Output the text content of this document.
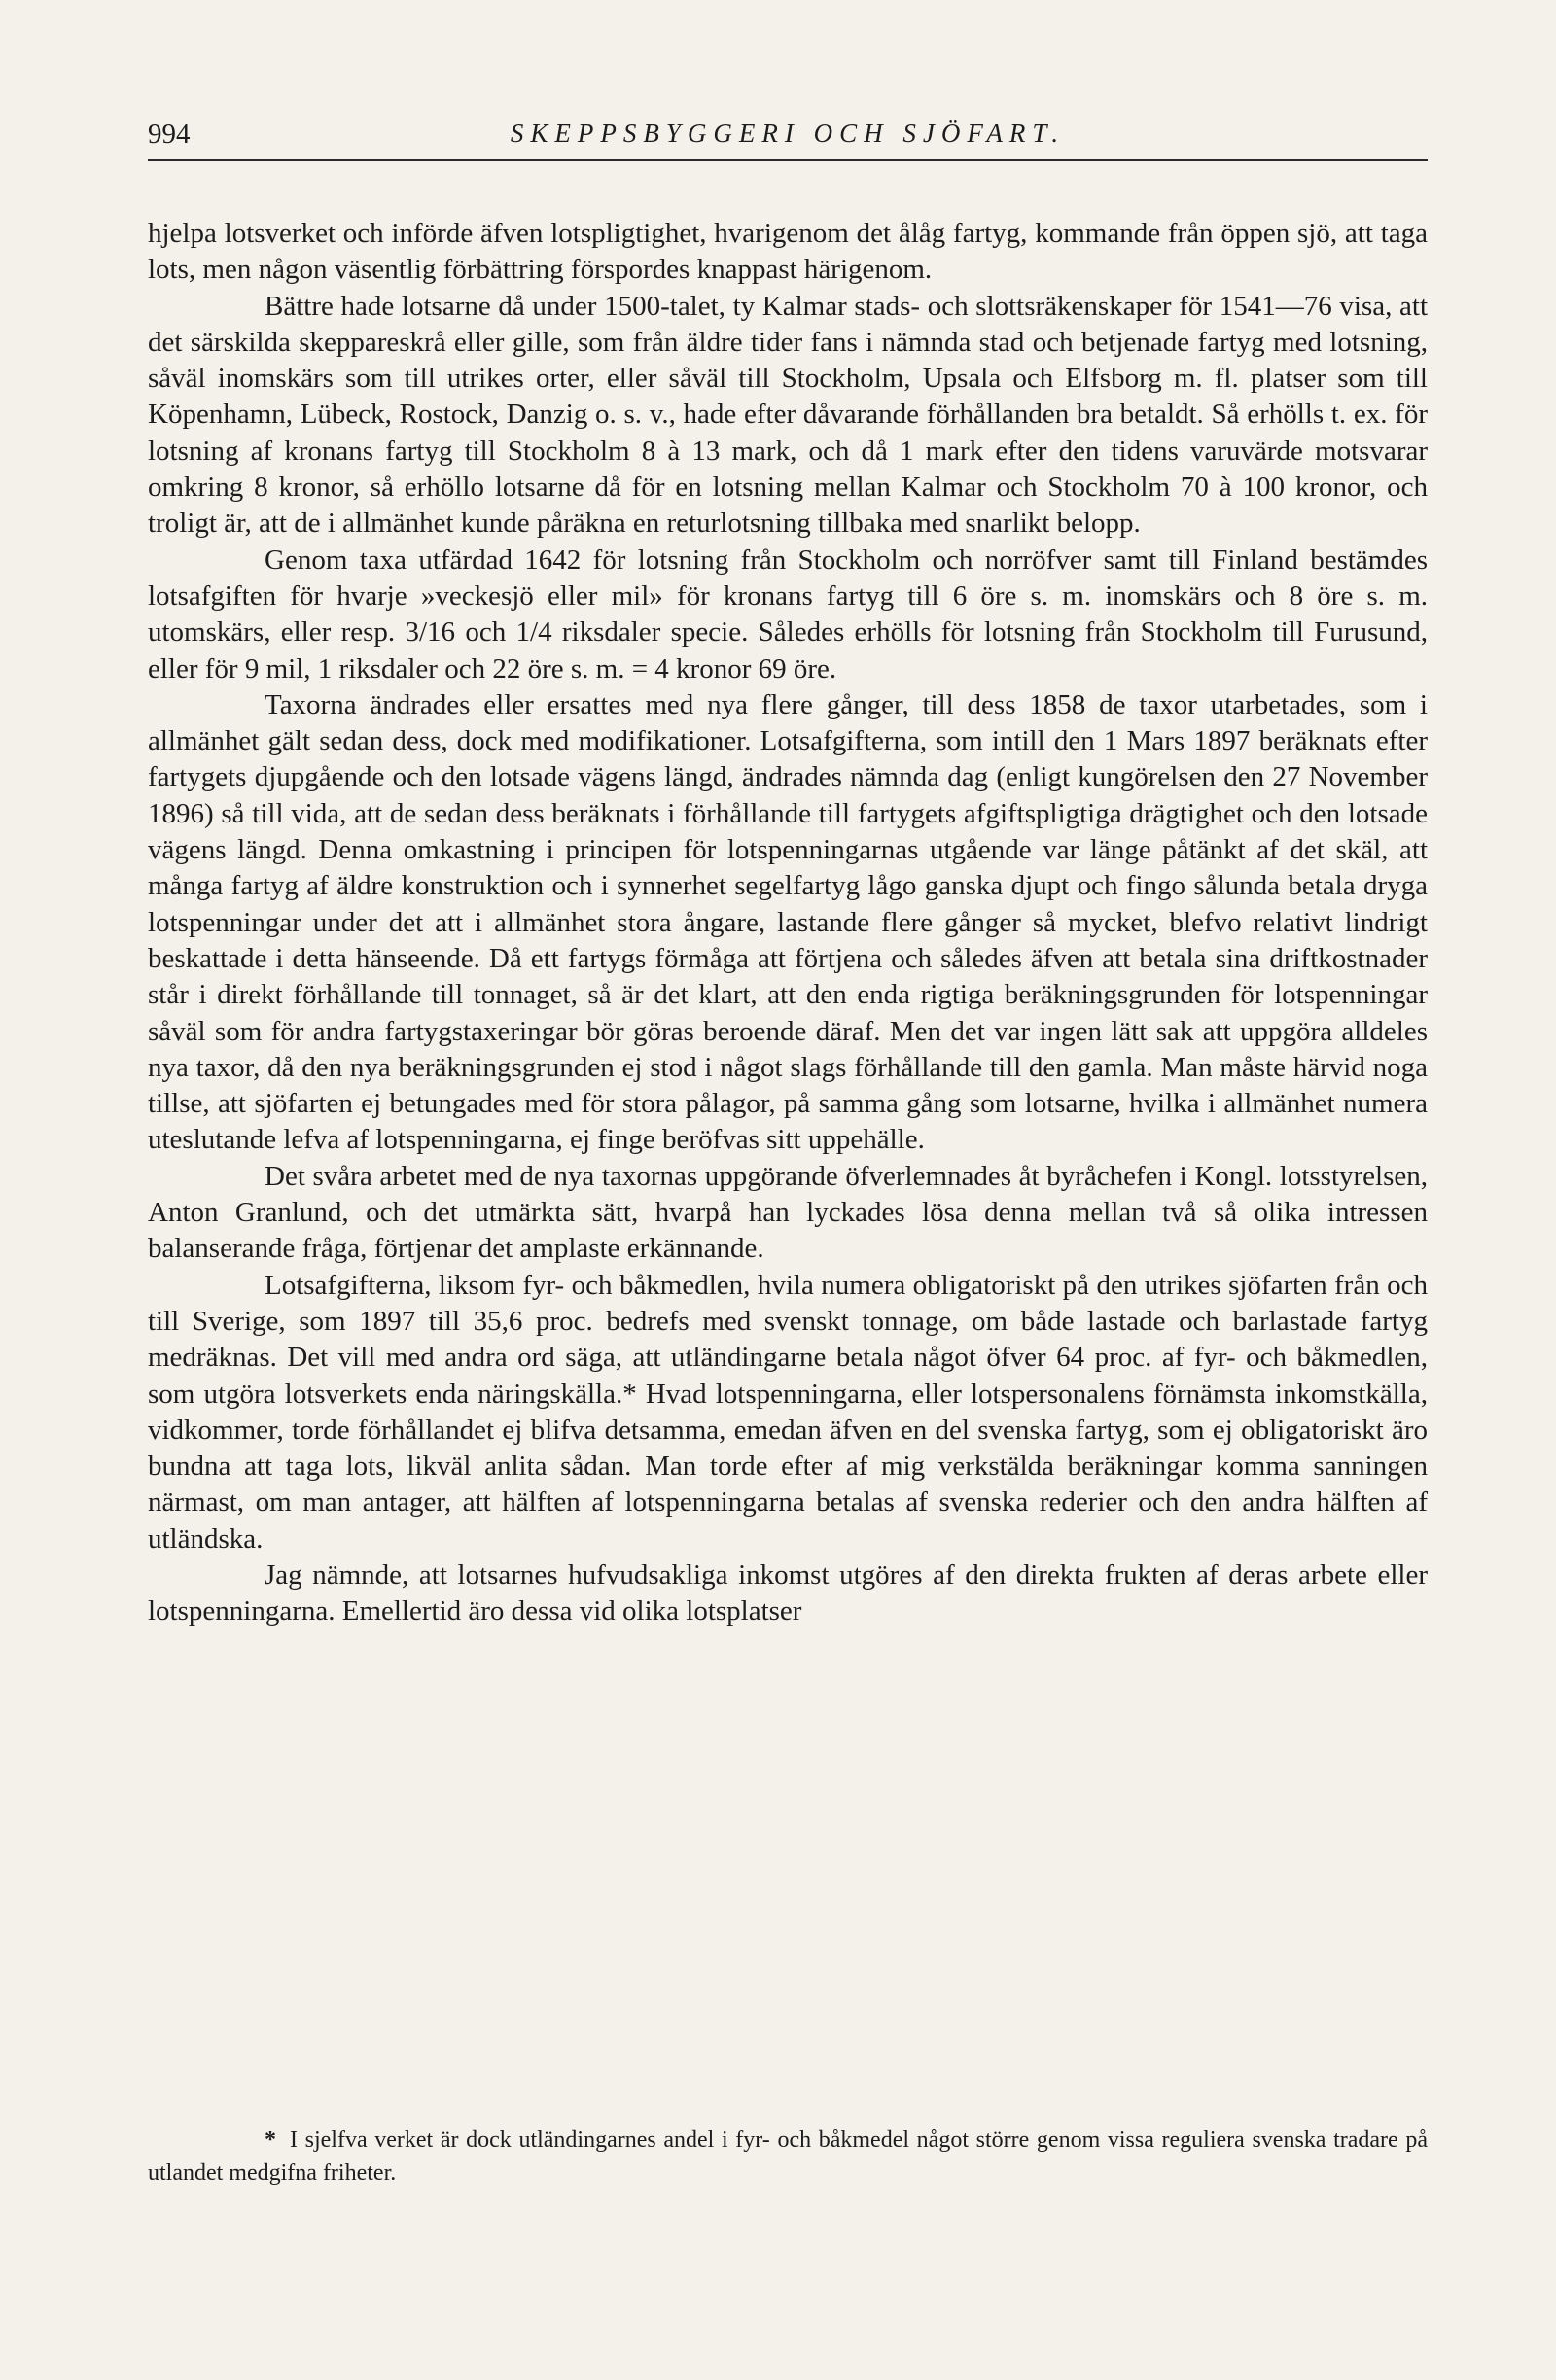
994	SKEPPSBYGGERI OCH SJÖFART.

hjelpa lotsverket och införde äfven lotspligtighet, hvarigenom det ålåg fartyg, kommande från öppen sjö, att taga lots, men någon väsentlig förbättring förspordes knappast härigenom.

Bättre hade lotsarne då under 1500-talet, ty Kalmar stads- och slottsräkenskaper för 1541—76 visa, att det särskilda skeppareskrå eller gille, som från äldre tider fans i nämnda stad och betjenade fartyg med lotsning, såväl inomskärs som till utrikes orter, eller såväl till Stockholm, Upsala och Elfsborg m. fl. platser som till Köpenhamn, Lübeck, Rostock, Danzig o. s. v., hade efter dåvarande förhållanden bra betaldt. Så erhölls t. ex. för lotsning af kronans fartyg till Stockholm 8 à 13 mark, och då 1 mark efter den tidens varuvärde motsvarar omkring 8 kronor, så erhöllo lotsarne då för en lotsning mellan Kalmar och Stockholm 70 à 100 kronor, och troligt är, att de i allmänhet kunde påräkna en returlotsning tillbaka med snarlikt belopp.

Genom taxa utfärdad 1642 för lotsning från Stockholm och norröfver samt till Finland bestämdes lotsafgiften för hvarje »veckesjö eller mil» för kronans fartyg till 6 öre s. m. inomskärs och 8 öre s. m. utomskärs, eller resp. 3/16 och 1/4 riksdaler specie. Således erhölls för lotsning från Stockholm till Furusund, eller för 9 mil, 1 riksdaler och 22 öre s. m. = 4 kronor 69 öre.

Taxorna ändrades eller ersattes med nya flere gånger, till dess 1858 de taxor utarbetades, som i allmänhet gält sedan dess, dock med modifikationer. Lotsafgifterna, som intill den 1 Mars 1897 beräknats efter fartygets djupgående och den lotsade vägens längd, ändrades nämnda dag (enligt kungörelsen den 27 November 1896) så till vida, att de sedan dess beräknats i förhållande till fartygets afgiftspligtiga drägtighet och den lotsade vägens längd. Denna omkastning i principen för lotspenningarnas utgående var länge påtänkt af det skäl, att många fartyg af äldre konstruktion och i synnerhet segelfartyg lågo ganska djupt och fingo sålunda betala dryga lotspenningar under det att i allmänhet stora ångare, lastande flere gånger så mycket, blefvo relativt lindrigt beskattade i detta hänseende. Då ett fartygs förmåga att förtjena och således äfven att betala sina driftkostnader står i direkt förhållande till tonnaget, så är det klart, att den enda rigtiga beräkningsgrunden för lotspenningar såväl som för andra fartygstaxeringar bör göras beroende däraf. Men det var ingen lätt sak att uppgöra alldeles nya taxor, då den nya beräkningsgrunden ej stod i något slags förhållande till den gamla. Man måste härvid noga tillse, att sjöfarten ej betungades med för stora pålagor, på samma gång som lotsarne, hvilka i allmänhet numera uteslutande lefva af lotspenningarna, ej finge beröfvas sitt uppehälle.

Det svåra arbetet med de nya taxornas uppgörande öfverlemnades åt byråchefen i Kongl. lotsstyrelsen, Anton Granlund, och det utmärkta sätt, hvarpå han lyckades lösa denna mellan två så olika intressen balanserande fråga, förtjenar det amplaste erkännande.

Lotsafgifterna, liksom fyr- och båkmedlen, hvila numera obligatoriskt på den utrikes sjöfarten från och till Sverige, som 1897 till 35,6 proc. bedrefs med svenskt tonnage, om både lastade och barlastade fartyg medräknas. Det vill med andra ord säga, att utländingarne betala något öfver 64 proc. af fyr- och båkmedlen, som utgöra lotsverkets enda näringskälla.* Hvad lotspenningarna, eller lotspersonalens förnämsta inkomstkälla, vidkommer, torde förhållandet ej blifva detsamma, emedan äfven en del svenska fartyg, som ej obligatoriskt äro bundna att taga lots, likväl anlita sådan. Man torde efter af mig verkstälda beräkningar komma sanningen närmast, om man antager, att hälften af lotspenningarna betalas af svenska rederier och den andra hälften af utländska.

Jag nämnde, att lotsarnes hufvudsakliga inkomst utgöres af den direkta frukten af deras arbete eller lotspenningarna. Emellertid äro dessa vid olika lotsplatser

* I sjelfva verket är dock utländingarnes andel i fyr- och båkmedel något större genom vissa reguliera svenska tradare på utlandet medgifna friheter.
